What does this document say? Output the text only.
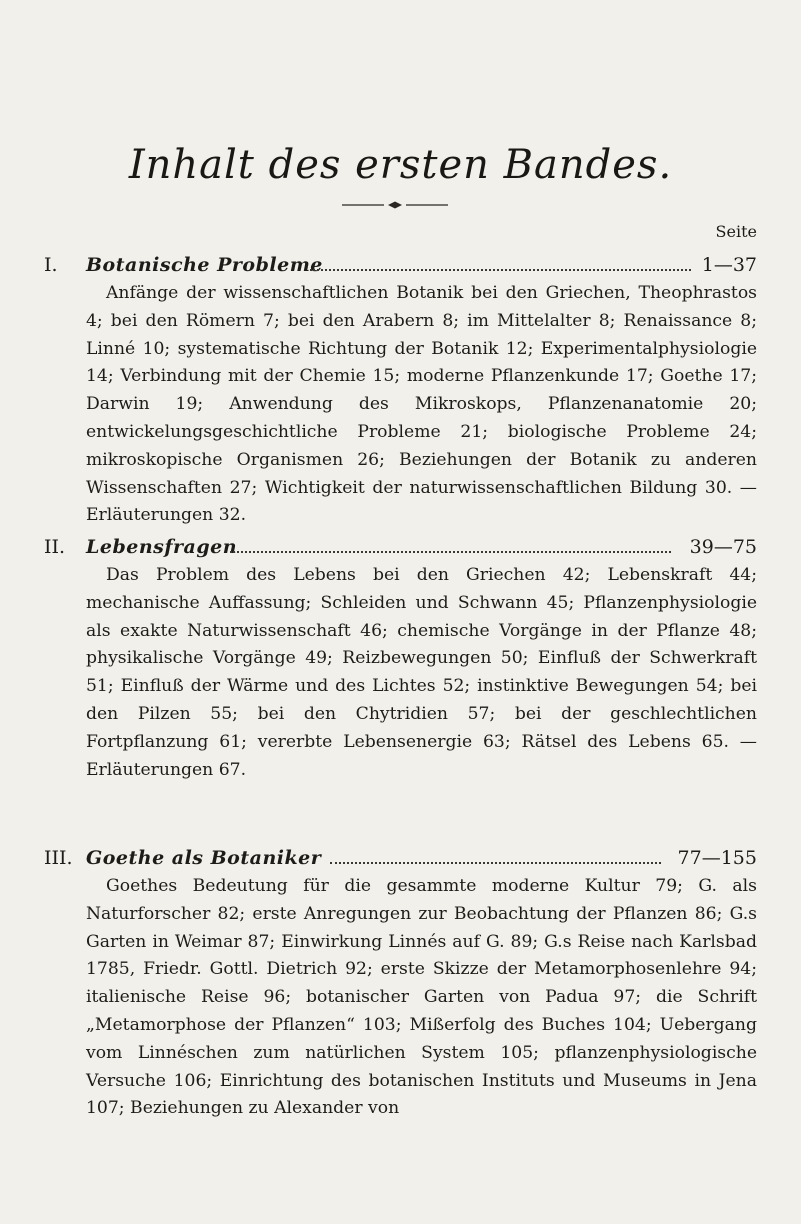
Inhalt des ersten Bandes.
Seite
I. Botanische Probleme	1—37
Anfänge der wissenschaftlichen Botanik bei den Griechen, Theophrastos 4; bei den Römern 7; bei den Arabern 8; im Mittelalter 8; Renaissance 8; Linné 10; systematische Richtung der Botanik 12; Experimentalphysiologie 14; Verbindung mit der Chemie 15; moderne Pflanzenkunde 17; Goethe 17; Darwin 19; Anwendung des Mikroskops, Pflanzenanatomie 20; entwickelungsgeschichtliche Probleme 21; biologische Probleme 24; mikroskopische Organismen 26; Beziehungen der Botanik zu anderen Wissenschaften 27; Wichtigkeit der naturwissenschaftlichen Bildung 30. — Erläuterungen 32.
II. Lebensfragen	39—75
Das Problem des Lebens bei den Griechen 42; Lebenskraft 44; mechanische Auffassung; Schleiden und Schwann 45; Pflanzenphysiologie als exakte Naturwissenschaft 46; chemische Vorgänge in der Pflanze 48; physikalische Vorgänge 49; Reizbewegungen 50; Einfluß der Schwerkraft 51; Einfluß der Wärme und des Lichtes 52; instinktive Bewegungen 54; bei den Pilzen 55; bei den Chytridien 57; bei der geschlechtlichen Fortpflanzung 61; vererbte Lebensenergie 63; Rätsel des Lebens 65. — Erläuterungen 67.
III. Goethe als Botaniker	77—155
Goethes Bedeutung für die gesammte moderne Kultur 79; G. als Naturforscher 82; erste Anregungen zur Beobachtung der Pflanzen 86; G.s Garten in Weimar 87; Einwirkung Linnés auf G. 89; G.s Reise nach Karlsbad 1785, Friedr. Gottl. Dietrich 92; erste Skizze der Metamorphosenlehre 94; italienische Reise 96; botanischer Garten von Padua 97; die Schrift „Metamorphose der Pflanzen“ 103; Mißerfolg des Buches 104; Uebergang vom Linnéschen zum natürlichen System 105; pflanzenphysiologische Versuche 106; Einrichtung des botanischen Instituts und Museums in Jena 107; Beziehungen zu Alexander von
